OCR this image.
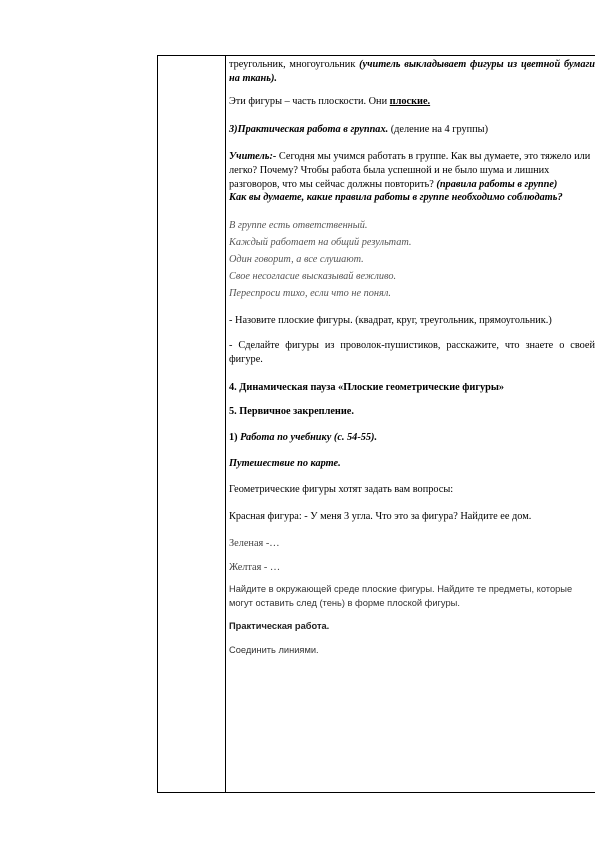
треугольник, многоугольник (учитель выкладывает фигуры из цветной бумаги на ткань).

Эти фигуры – часть плоскости. Они плоские.

3)Практическая работа в группах. (деление на 4 группы)

Учитель:- Сегодня мы учимся работать в группе. Как вы думаете, это тяжело или легко? Почему? Чтобы работа была успешной и не было шума и лишних разговоров, что мы сейчас должны повторить? (правила работы в группе)

Как вы думаете, какие правила работы в группе необходимо соблюдать?

В группе есть ответственный.

Каждый работает на общий результат.

Один говорит, а все слушают.

Свое несогласие высказывай вежливо.

Переспроси тихо, если что не понял.

- Назовите плоские фигуры. (квадрат, круг, треугольник, прямоугольник.)

- Сделайте фигуры из проволок-пушистиков, расскажите, что знаете о своей фигуре.

4. Динамическая пауза «Плоские геометрические фигуры»

5. Первичное закрепление.

1) Работа по учебнику (с. 54-55).

Путешествие по карте.

Геометрические фигуры хотят задать вам вопросы:

Красная фигура: - У меня 3 угла. Что это за фигура? Найдите ее дом.

Зеленая -…

Желтая - …

Найдите в окружающей среде плоские фигуры. Найдите те предметы, которые могут оставить след (тень) в форме плоской фигуры.

Практическая работа.

Соединить линиями.
